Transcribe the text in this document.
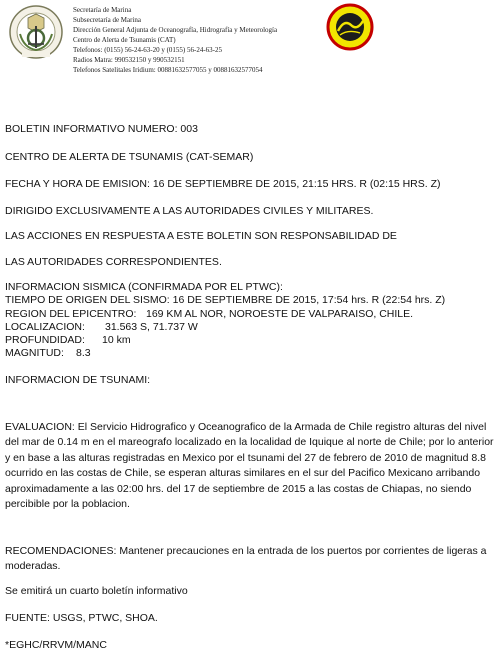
Secretaría de Marina
Subsecretaría de Marina
Dirección General Adjunta de Oceanografía, Hidrografía y Meteorología
Centro de Alerta de Tsunamis (CAT)
Telefonos: (0155) 56-24-63-20 y (0155) 56-24-63-25
Radios Matra: 990532150 y 990532151
Telefonos Satelitales Iridium: 00881632577055 y 00881632577054
BOLETIN INFORMATIVO NUMERO: 003
CENTRO DE ALERTA DE TSUNAMIS (CAT-SEMAR)
FECHA Y HORA DE EMISION: 16 DE SEPTIEMBRE DE 2015, 21:15 HRS. R (02:15 HRS. Z)
DIRIGIDO EXCLUSIVAMENTE A LAS AUTORIDADES CIVILES Y MILITARES.
LAS ACCIONES EN RESPUESTA A ESTE BOLETIN SON RESPONSABILIDAD DE
LAS AUTORIDADES CORRESPONDIENTES.
INFORMACION SISMICA (CONFIRMADA POR EL PTWC):
TIEMPO DE ORIGEN DEL SISMO: 16 DE SEPTIEMBRE DE 2015, 17:54 hrs. R (22:54 hrs. Z)
REGION DEL EPICENTRO: 169 KM AL NOR, NOROESTE DE VALPARAISO, CHILE.
LOCALIZACION: 31.563 S, 71.737 W
PROFUNDIDAD: 10 km
MAGNITUD: 8.3
INFORMACION DE TSUNAMI:
EVALUACION: El Servicio Hidrografico y Oceanografico de la Armada de Chile registro alturas del nivel del mar de 0.14 m en el mareografo localizado en la localidad de Iquique al norte de Chile; por lo anterior y en base a las alturas registradas en Mexico por el tsunami del 27 de febrero de 2010 de magnitud 8.8 ocurrido en las costas de Chile, se esperan alturas similares en el sur del Pacifico Mexicano arribando aproximadamente a las 02:00 hrs. del 17 de septiembre de 2015 a las costas de Chiapas, no siendo percibible por la poblacion.
RECOMENDACIONES: Mantener precauciones en la entrada de los puertos por corrientes de ligeras a moderadas.
Se emitirá un cuarto boletín informativo
FUENTE: USGS, PTWC, SHOA.
*EGHC/RRVM/MANC
